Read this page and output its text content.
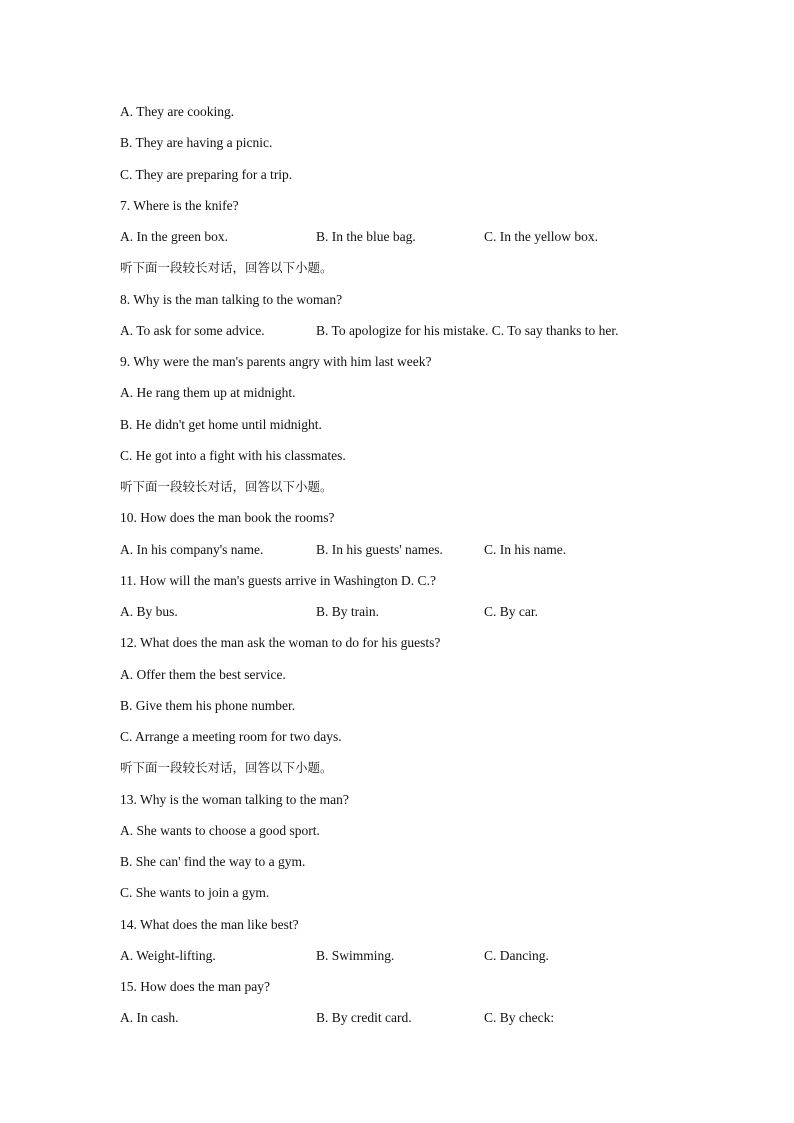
A. They are cooking.
B. They are having a picnic.
C. They are preparing for a trip.
7. Where is the knife?
A. In the green box.	B. In the blue bag.	C. In the yellow box.
听下面一段较长对话，回答以下小题。
8. Why is the man talking to the woman?
A. To ask for some advice.	B. To apologize for his mistake. C. To say thanks to her.
9. Why were the man's parents angry with him last week?
A. He rang them up at midnight.
B. He didn't get home until midnight.
C. He got into a fight with his classmates.
听下面一段较长对话，回答以下小题。
10. How does the man book the rooms?
A. In his company's name.	B. In his guests' names.	C. In his name.
11. How will the man's guests arrive in Washington D. C.?
A. By bus.	B. By train.	C. By car.
12. What does the man ask the woman to do for his guests?
A. Offer them the best service.
B. Give them his phone number.
C. Arrange a meeting room for two days.
听下面一段较长对话，回答以下小题。
13. Why is the woman talking to the man?
A. She wants to choose a good sport.
B. She can' find the way to a gym.
C. She wants to join a gym.
14. What does the man like best?
A. Weight-lifting.	B. Swimming.	C. Dancing.
15. How does the man pay?
A. In cash.	B. By credit card.	C. By check:
